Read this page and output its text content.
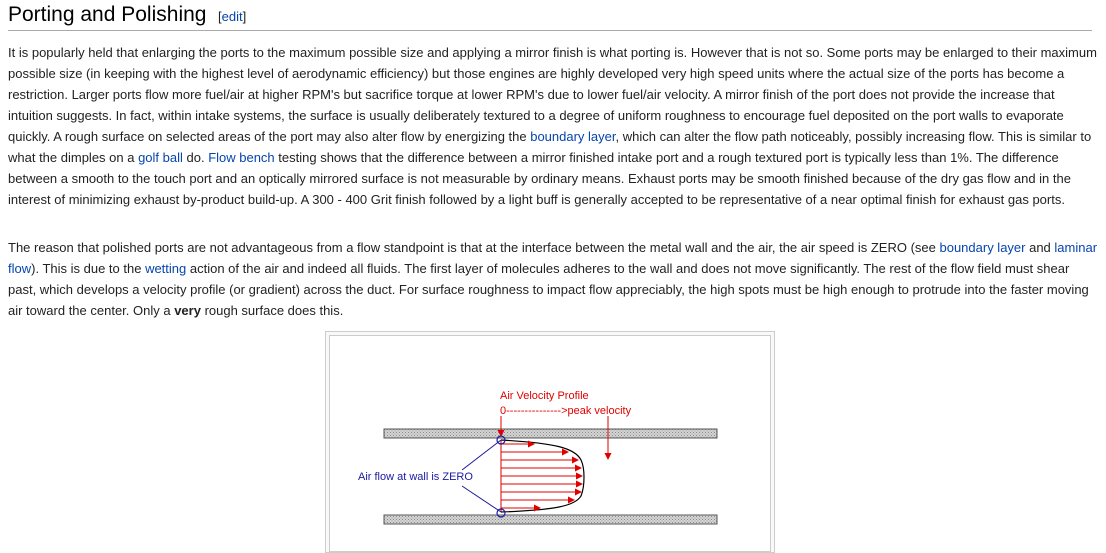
Porting and Polishing [edit]

It is popularly held that enlarging the ports to the maximum possible size and applying a mirror finish is what porting is. However that is not so. Some ports may be enlarged to their maximum possible size (in keeping with the highest level of aerodynamic efficiency) but those engines are highly developed very high speed units where the actual size of the ports has become a restriction. Larger ports flow more fuel/air at higher RPM's but sacrifice torque at lower RPM's due to lower fuel/air velocity. A mirror finish of the port does not provide the increase that intuition suggests. In fact, within intake systems, the surface is usually deliberately textured to a degree of uniform roughness to encourage fuel deposited on the port walls to evaporate quickly. A rough surface on selected areas of the port may also alter flow by energizing the boundary layer, which can alter the flow path noticeably, possibly increasing flow. This is similar to what the dimples on a golf ball do. Flow bench testing shows that the difference between a mirror finished intake port and a rough textured port is typically less than 1%. The difference between a smooth to the touch port and an optically mirrored surface is not measurable by ordinary means. Exhaust ports may be smooth finished because of the dry gas flow and in the interest of minimizing exhaust by-product build-up. A 300 - 400 Grit finish followed by a light buff is generally accepted to be representative of a near optimal finish for exhaust gas ports.

The reason that polished ports are not advantageous from a flow standpoint is that at the interface between the metal wall and the air, the air speed is ZERO (see boundary layer and laminar flow). This is due to the wetting action of the air and indeed all fluids. The first layer of molecules adheres to the wall and does not move significantly. The rest of the flow field must shear past, which develops a velocity profile (or gradient) across the duct. For surface roughness to impact flow appreciably, the high spots must be high enough to protrude into the faster moving air toward the center. Only a very rough surface does this.

Air Velocity Profile
0--------------->peak velocity
Air flow at wall is ZERO
